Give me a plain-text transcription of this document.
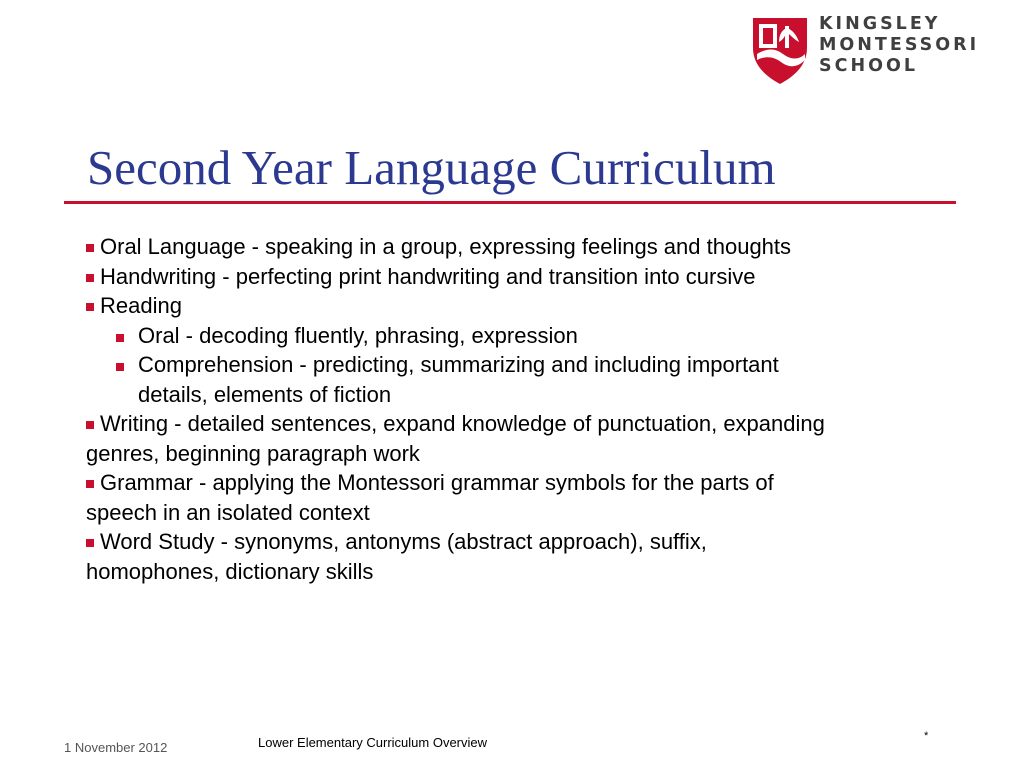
KINGSLEY
MONTESSORI
SCHOOL
Second Year Language Curriculum
Oral Language - speaking in a group, expressing feelings and thoughts
Handwriting - perfecting print handwriting and transition into cursive
Reading
Oral - decoding fluently, phrasing, expression
Comprehension - predicting, summarizing and including important
details, elements of fiction
Writing - detailed sentences, expand knowledge of punctuation, expanding
genres, beginning paragraph work
Grammar - applying the Montessori grammar symbols for the parts of
speech in an isolated context
Word Study - synonyms, antonyms (abstract approach), suffix,
homophones, dictionary skills
1 November 2012	Lower Elementary Curriculum Overview	*
